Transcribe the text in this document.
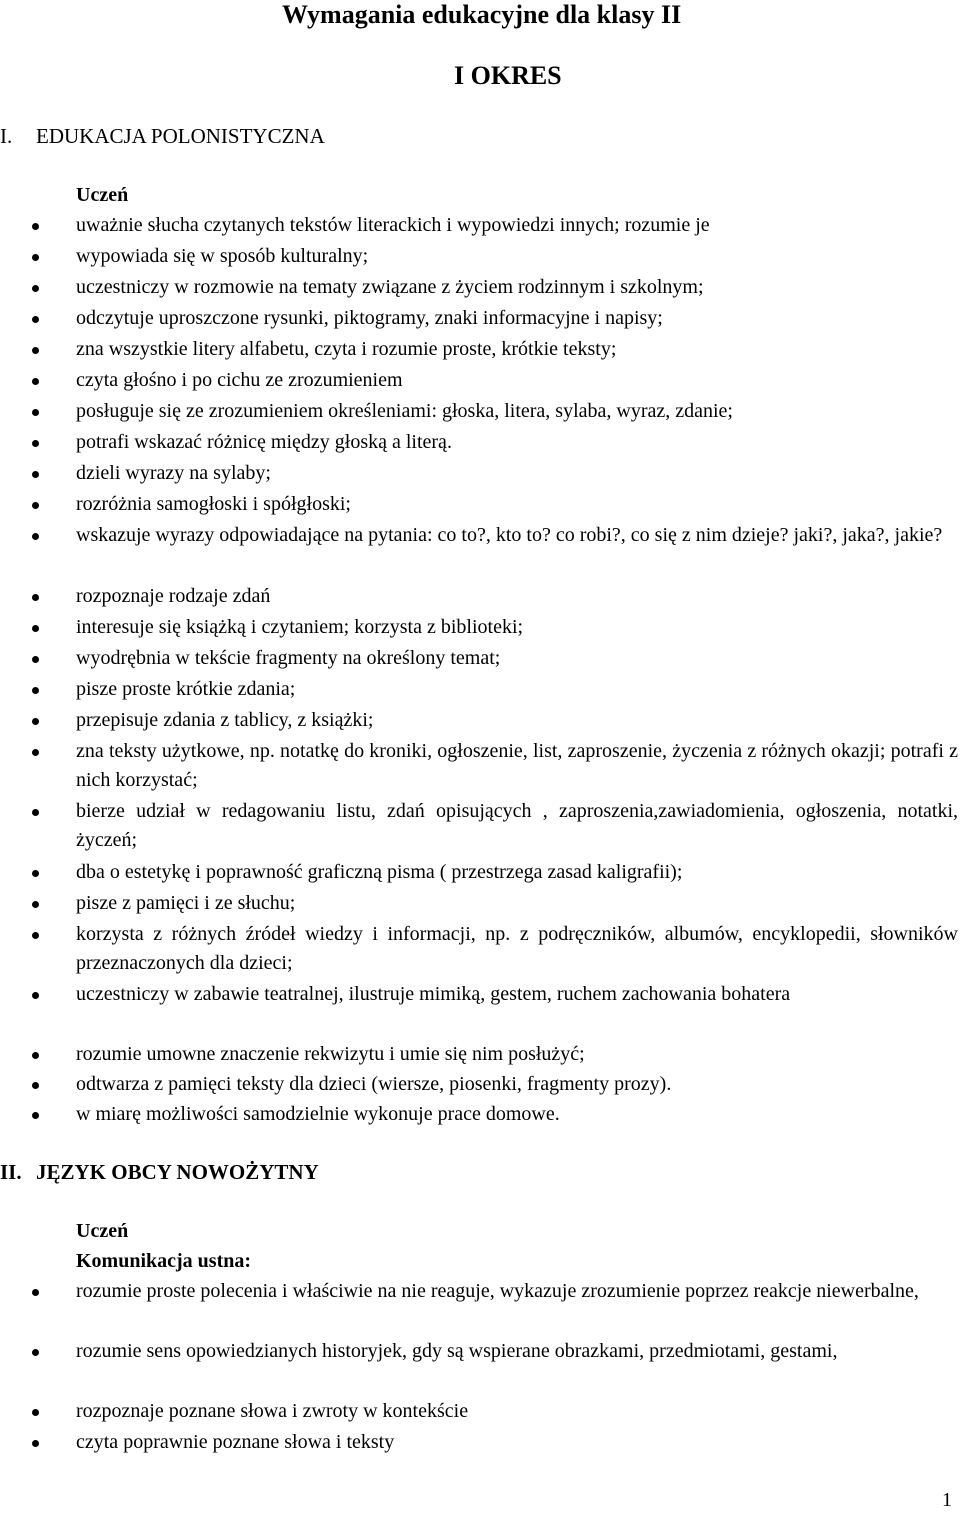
Wymagania edukacyjne dla klasy II
I OKRES
I. EDUKACJA POLONISTYCZNA
Uczeń
uważnie słucha czytanych tekstów literackich i wypowiedzi innych; rozumie je
wypowiada się w sposób kulturalny;
uczestniczy w rozmowie na tematy związane z życiem rodzinnym i szkolnym;
odczytuje uproszczone rysunki, piktogramy, znaki informacyjne i napisy;
zna wszystkie litery alfabetu, czyta i rozumie proste, krótkie teksty;
czyta głośno i po cichu ze zrozumieniem
posługuje się ze zrozumieniem określeniami: głoska, litera, sylaba, wyraz, zdanie;
potrafi wskazać różnicę między głoską a literą.
dzieli wyrazy na sylaby;
rozróżnia samogłoski i spółgłoski;
wskazuje wyrazy odpowiadające na pytania: co to?, kto to? co robi?, co się z nim dzieje? jaki?, jaka?, jakie?
rozpoznaje rodzaje zdań
interesuje się książką i czytaniem; korzysta z biblioteki;
wyodrębnia w tekście fragmenty na określony temat;
pisze proste krótkie zdania;
przepisuje zdania z tablicy, z książki;
zna teksty użytkowe, np. notatkę do kroniki, ogłoszenie, list, zaproszenie, życzenia z różnych okazji; potrafi z nich korzystać;
bierze udział w redagowaniu listu, zdań opisujących , zaproszenia,zawiadomienia, ogłoszenia, notatki, życzeń;
dba o estetykę i poprawność graficzną pisma ( przestrzega zasad kaligrafii);
pisze z pamięci i ze słuchu;
korzysta z różnych źródeł wiedzy i informacji, np. z podręczników, albumów, encyklopedii, słowników przeznaczonych dla dzieci;
uczestniczy w zabawie teatralnej, ilustruje mimiką, gestem, ruchem zachowania bohatera
rozumie umowne znaczenie rekwizytu i umie się nim posłużyć;
odtwarza z pamięci teksty dla dzieci (wiersze, piosenki, fragmenty prozy).
w miarę możliwości samodzielnie wykonuje prace domowe.
II. JĘZYK OBCY NOWOŻYTNY
Uczeń
Komunikacja ustna:
rozumie proste polecenia i właściwie na nie reaguje, wykazuje zrozumienie poprzez reakcje niewerbalne,
rozumie sens opowiedzianych historyjek, gdy są wspierane obrazkami, przedmiotami, gestami,
rozpoznaje poznane słowa i zwroty w kontekście
czyta poprawnie poznane słowa i teksty
1
